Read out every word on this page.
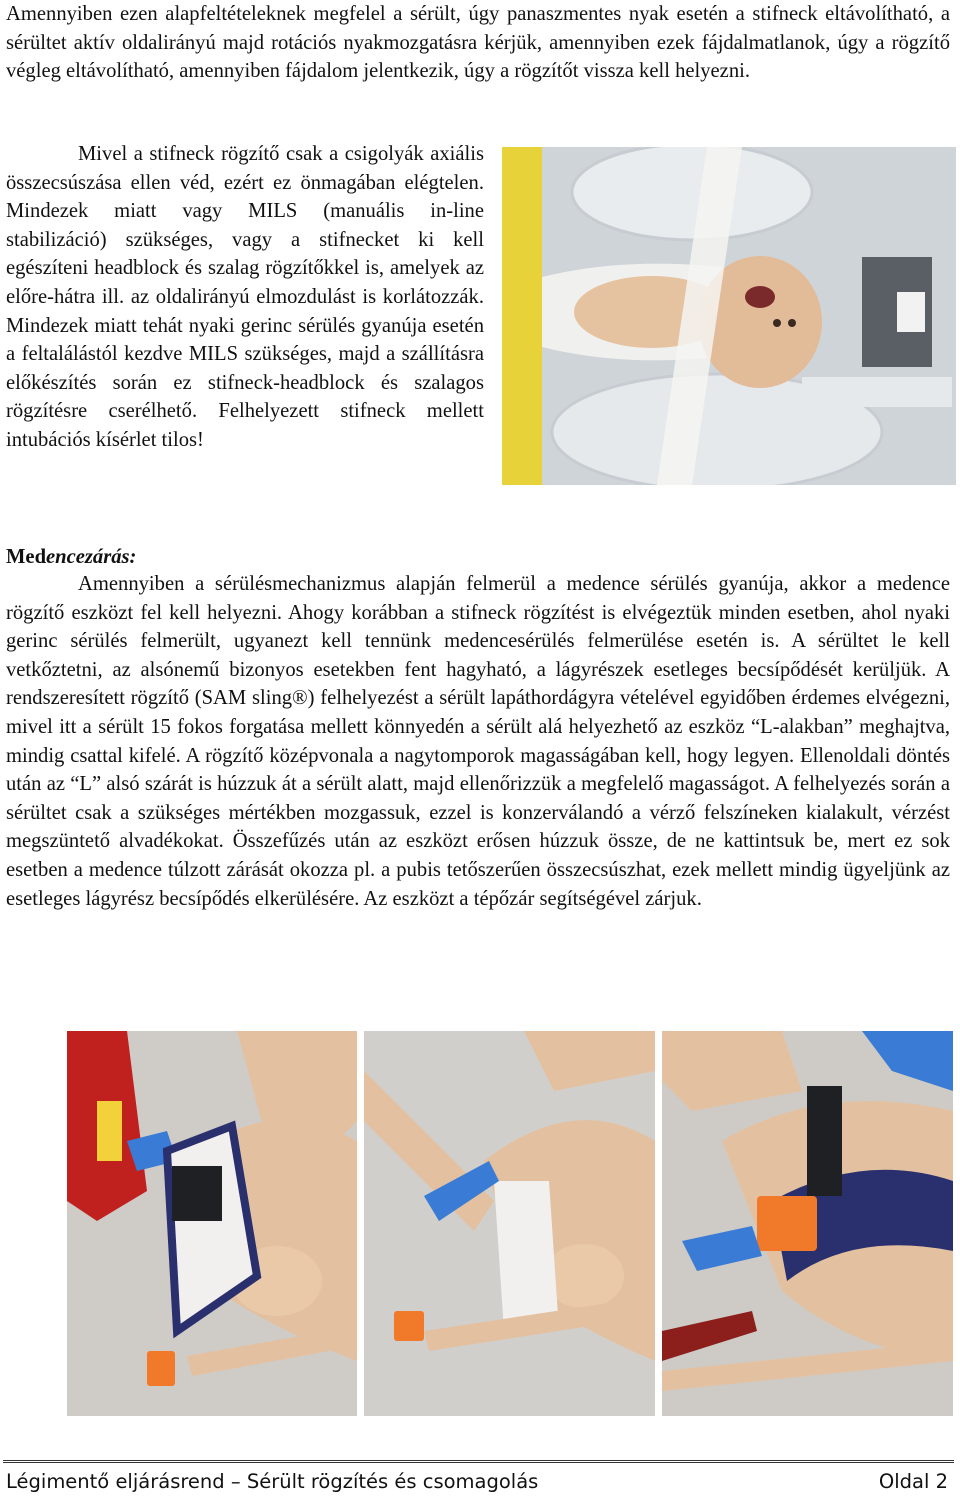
Amennyiben ezen alapfeltételeknek megfelel a sérült, úgy panaszmentes nyak esetén a stifneck eltávolítható, a sérültet aktív oldalirányú majd rotációs nyakmozgatásra kérjük, amennyiben ezek fájdalmatlanok, úgy a rögzítő végleg eltávolítható, amennyiben fájdalom jelentkezik, úgy a rögzítőt vissza kell helyezni.

Mivel a stifneck rögzítő csak a csigolyák axiális összecsúszása ellen véd, ezért ez önmagában elégtelen. Mindezek miatt vagy MILS (manuális in-line stabilizáció) szükséges, vagy a stifnecket ki kell egészíteni headblock és szalag rögzítőkkel is, amelyek az előre-hátra ill. az oldalirányú elmozdulást is korlátozzák. Mindezek miatt tehát nyaki gerinc sérülés gyanúja esetén a feltalálástól kezdve MILS szükséges, majd a szállításra előkészítés során ez stifneck-headblock és szalagos rögzítésre cserélhető. Felhelyezett stifneck mellett intubációs kísérlet tilos!

Medencezárás:

Amennyiben a sérülésmechanizmus alapján felmerül a medence sérülés gyanúja, akkor a medence rögzítő eszközt fel kell helyezni. Ahogy korábban a stifneck rögzítést is elvégeztük minden esetben, ahol nyaki gerinc sérülés felmerült, ugyanezt kell tennünk medencesérülés felmerülése esetén is. A sérültet le kell vetkőztetni, az alsónemű bizonyos esetekben fent hagyható, a lágyrészek esetleges becsípődését kerüljük. A rendszeresített rögzítő (SAM sling®) felhelyezést a sérült lapáthordágyra vételével egyidőben érdemes elvégezni, mivel itt a sérült 15 fokos forgatása mellett könnyedén a sérült alá helyezhető az eszköz “L-alakban” meghajtva, mindig csattal kifelé. A rögzítő középvonala a nagytomporok magasságában kell, hogy legyen. Ellenoldali döntés után az “L” alsó szárát is húzzuk át a sérült alatt, majd ellenőrizzük a megfelelő magasságot. A felhelyezés során a sérültet csak a szükséges mértékben mozgassuk, ezzel is konzerválandó a vérző felszíneken kialakult, vérzést megszüntető alvadékokat. Összefűzés után az eszközt erősen húzzuk össze, de ne kattintsuk be, mert ez sok esetben a medence túlzott zárását okozza pl. a pubis tetőszerűen összecsúszhat, ezek mellett mindig ügyeljünk az esetleges lágyrész becsípődés elkerülésére. Az eszközt a tépőzár segítségével zárjuk.

Légimentő eljárásrend – Sérült rögzítés és csomagolás	Oldal 2
